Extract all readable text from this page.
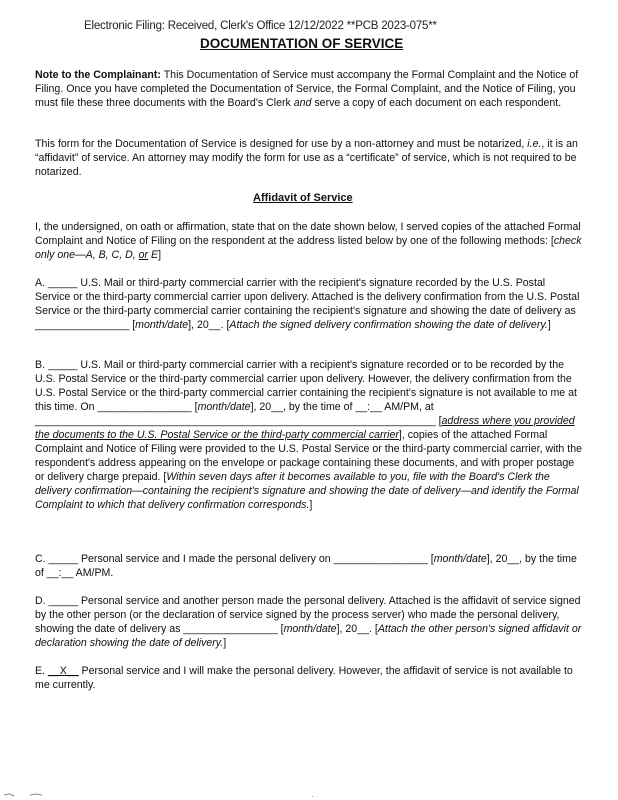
Electronic Filing: Received, Clerk's Office 12/12/2022 **PCB 2023-075**
DOCUMENTATION OF SERVICE
Note to the Complainant: This Documentation of Service must accompany the Formal Complaint and the Notice of Filing. Once you have completed the Documentation of Service, the Formal Complaint, and the Notice of Filing, you must file these three documents with the Board's Clerk and serve a copy of each document on each respondent.
This form for the Documentation of Service is designed for use by a non-attorney and must be notarized, i.e., it is an “affidavit” of service. An attorney may modify the form for use as a “certificate” of service, which is not required to be notarized.
Affidavit of Service
I, the undersigned, on oath or affirmation, state that on the date shown below, I served copies of the attached Formal Complaint and Notice of Filing on the respondent at the address listed below by one of the following methods: [check only one—A, B, C, D, or E]
A. _____ U.S. Mail or third-party commercial carrier with the recipient's signature recorded by the U.S. Postal Service or the third-party commercial carrier upon delivery. Attached is the delivery confirmation from the U.S. Postal Service or the third-party commercial carrier containing the recipient's signature and showing the date of delivery as ________________ [month/date], 20__. [Attach the signed delivery confirmation showing the date of delivery.]
B. _____ U.S. Mail or third-party commercial carrier with a recipient's signature recorded or to be recorded by the U.S. Postal Service or the third-party commercial carrier upon delivery. However, the delivery confirmation from the U.S. Postal Service or the third-party commercial carrier containing the recipient's signature is not available to me at this time. On ________________ [month/date], 20__, by the time of __:__ AM/PM, at ____________________________________________________________________ [address where you provided the documents to the U.S. Postal Service or the third-party commercial carrier], copies of the attached Formal Complaint and Notice of Filing were provided to the U.S. Postal Service or the third-party commercial carrier, with the respondent's address appearing on the envelope or package containing these documents, and with proper postage or delivery charge prepaid. [Within seven days after it becomes available to you, file with the Board's Clerk the delivery confirmation—containing the recipient's signature and showing the date of delivery—and identify the Formal Complaint to which that delivery confirmation corresponds.]
C. _____ Personal service and I made the personal delivery on ________________ [month/date], 20__, by the time of __:__ AM/PM.
D. _____ Personal service and another person made the personal delivery. Attached is the affidavit of service signed by the other person (or the declaration of service signed by the process server) who made the personal delivery, showing the date of delivery as ________________ [month/date], 20__. [Attach the other person's signed affidavit or declaration showing the date of delivery.]
E. __X__ Personal service and I will make the personal delivery. However, the affidavit of service is not available to me currently.
